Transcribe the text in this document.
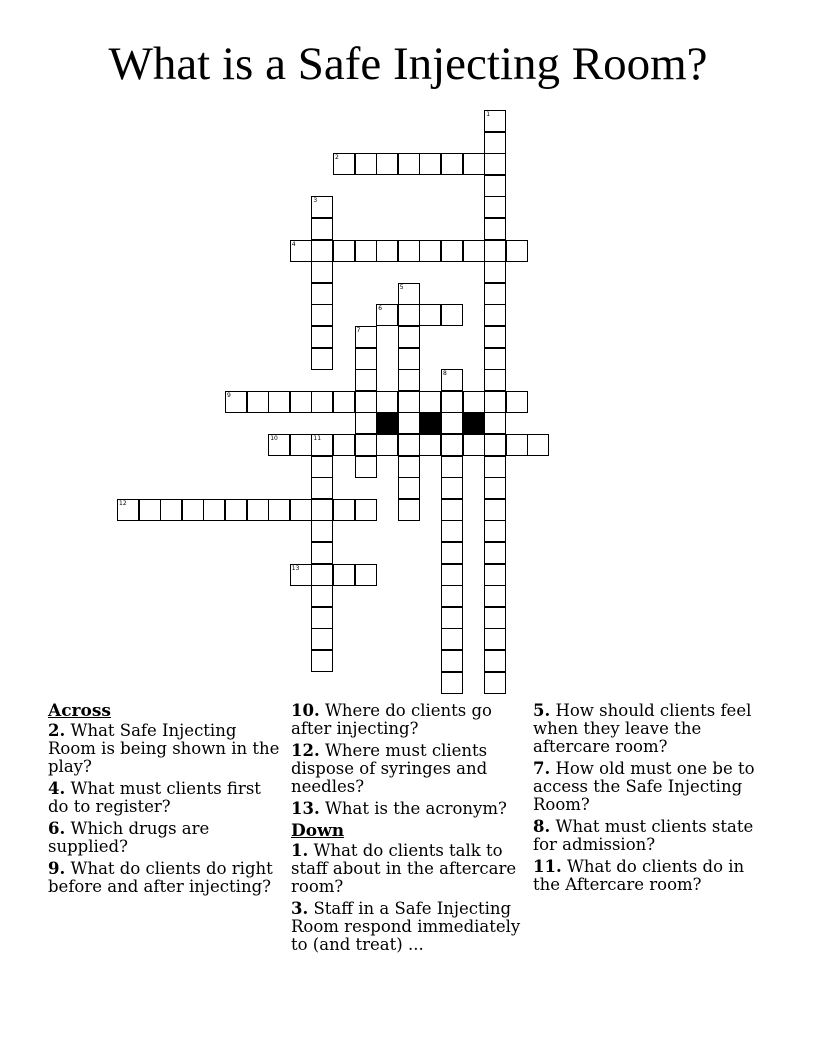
What is a Safe Injecting Room?
1
2
3
4
5
6
7
8
9
10	11
12
13
Across
2. What Safe Injecting Room is being shown in the play?
4. What must clients first do to register?
6. Which drugs are supplied?
9. What do clients do right before and after injecting?
10. Where do clients go after injecting?
12. Where must clients dispose of syringes and needles?
13. What is the acronym?
Down
1. What do clients talk to staff about in the aftercare room?
3. Staff in a Safe Injecting Room respond immediately to (and treat) ...
5. How should clients feel when they leave the aftercare room?
7. How old must one be to access the Safe Injecting Room?
8. What must clients state for admission?
11. What do clients do in the Aftercare room?
